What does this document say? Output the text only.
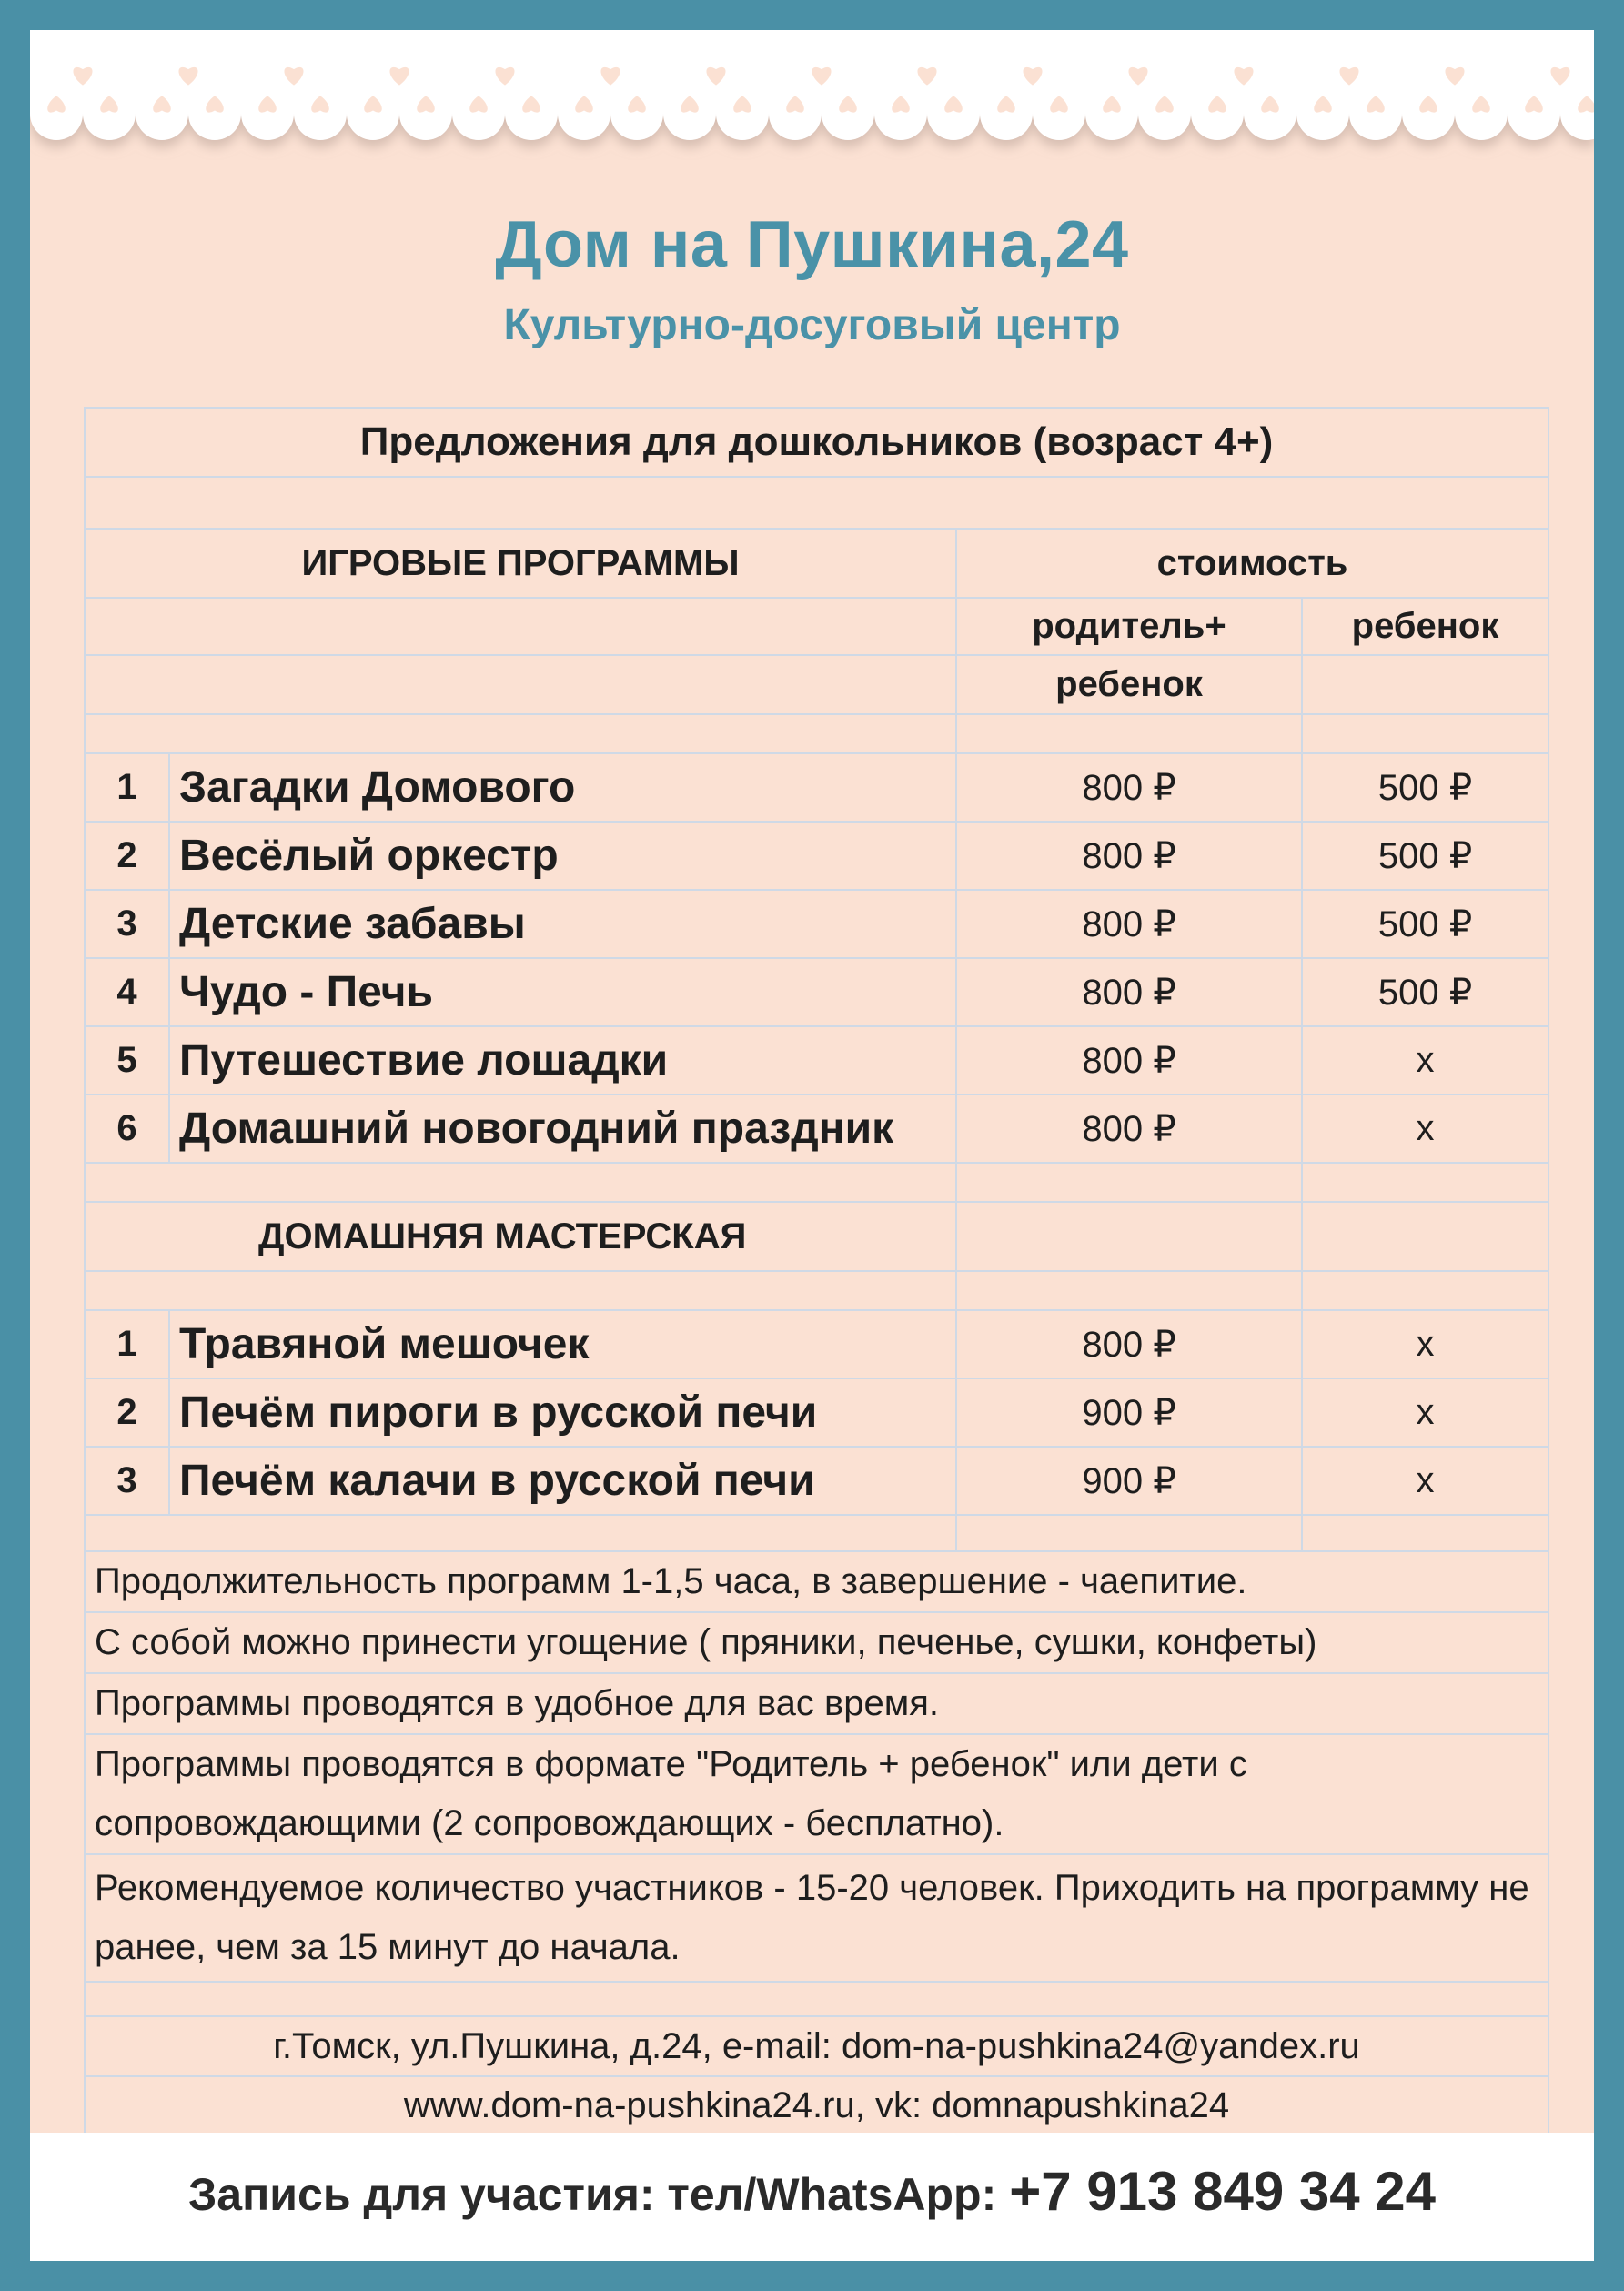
Дом на Пушкина,24
Культурно-досуговый центр
Предложения для дошкольников (возраст 4+)			

ИГРОВЫЕ ПРОГРАММЫ		стоимость	
		родитель+	ребенок
		ребенок	

1	Загадки Домового	800 ₽	500 ₽
2	Весёлый оркестр	800 ₽	500 ₽
3	Детские забавы	800 ₽	500 ₽
4	Чудо - Печь	800 ₽	500 ₽
5	Путешествие лошадки	800 ₽	х
6	Домашний новогодний праздник	800 ₽	х

ДОМАШНЯЯ МАСТЕРСКАЯ			

1	Травяной мешочек	800 ₽	х
2	Печём пироги в русской печи	900 ₽	х
3	Печём калачи в русской печи	900 ₽	х

Продолжительность программ 1-1,5 часа, в завершение - чаепитие.			
С собой можно принести угощение ( пряники, печенье, сушки, конфеты)			
Программы проводятся в удобное для вас время.			
Программы проводятся в формате "Родитель + ребенок" или дети с сопровождающими (2 сопровождающих - бесплатно).			
Рекомендуемое количество участников - 15-20 человек. Приходить на программу не ранее, чем за 15 минут до начала.			

г.Томск, ул.Пушкина, д.24, e-mail: dom-na-pushkina24@yandex.ru			
www.dom-na-pushkina24.ru, vk: domnapushkina24			
Запись для участия: тел/WhatsApp: +7 913 849 34 24
